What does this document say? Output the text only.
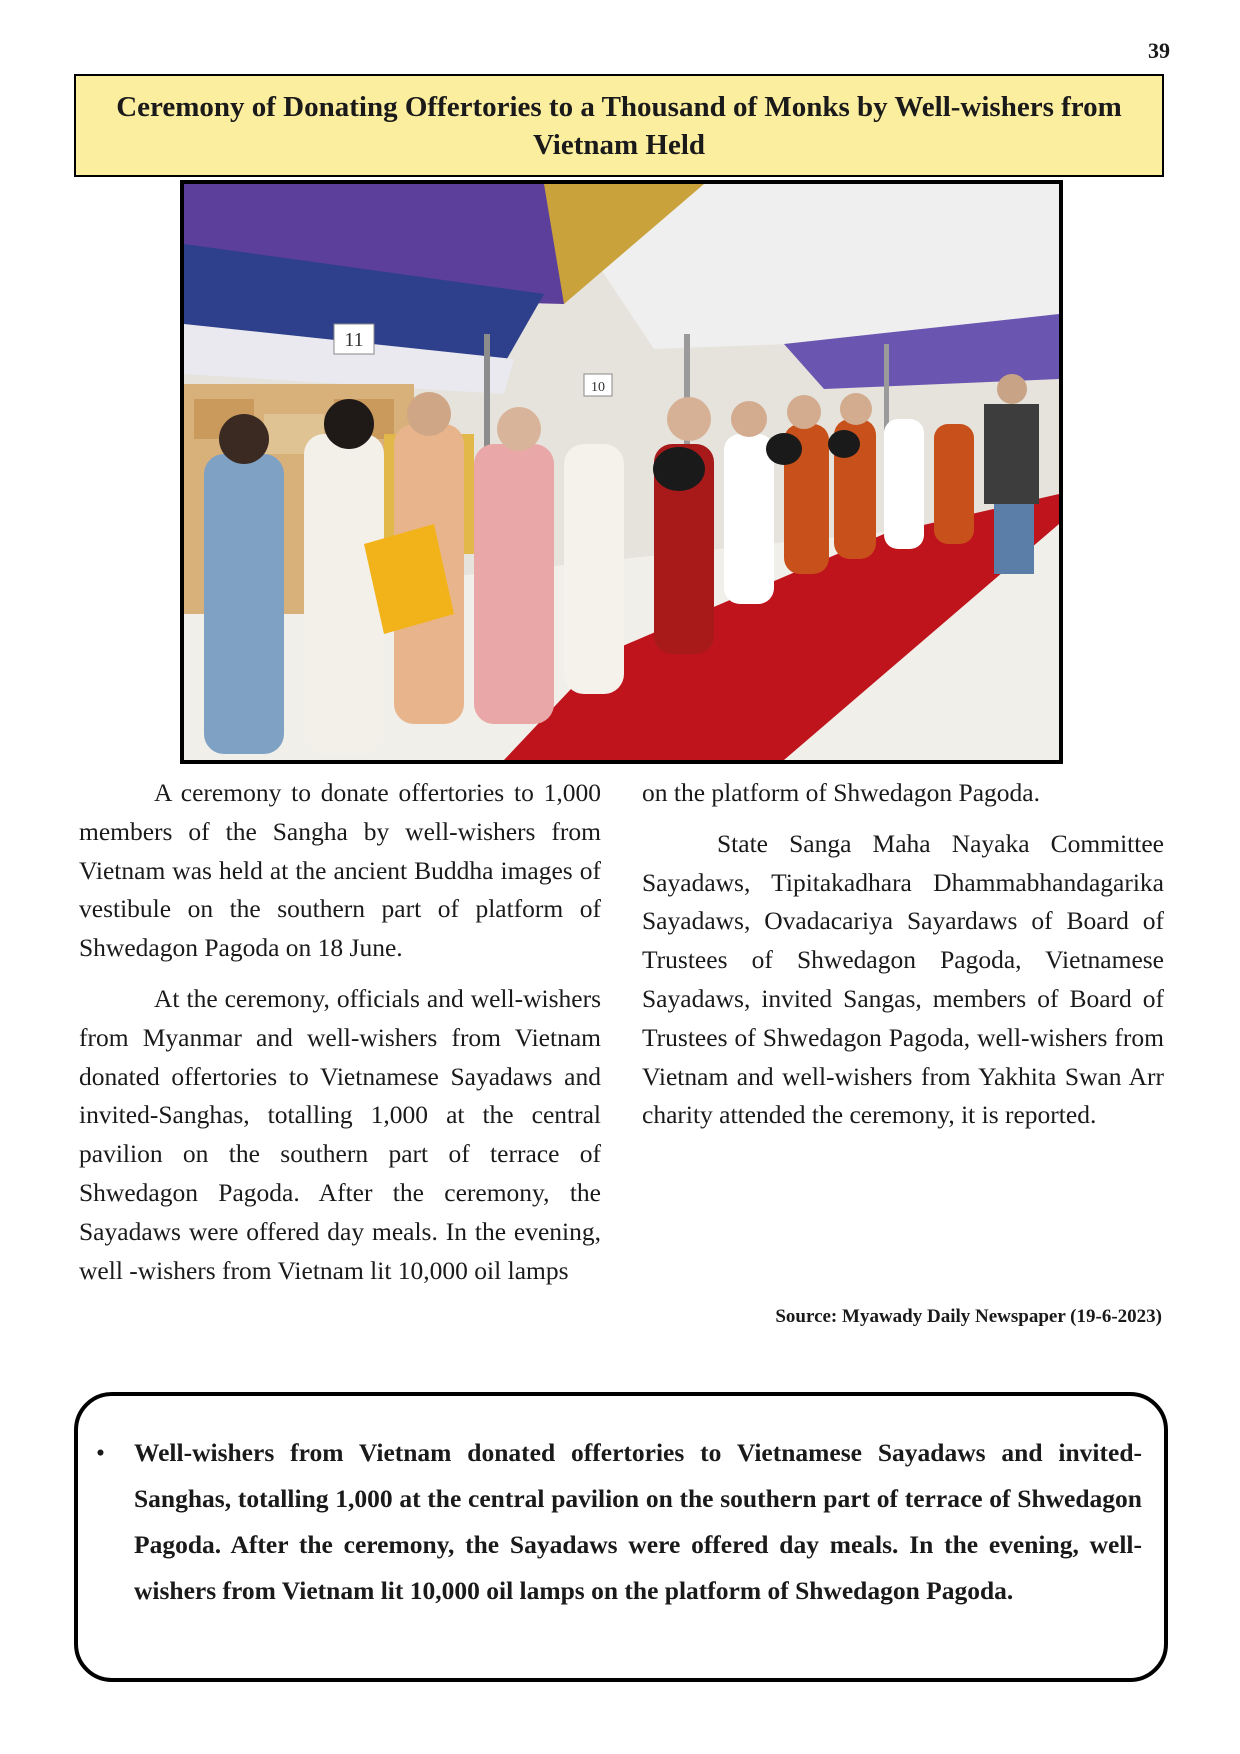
39
Ceremony of Donating Offertories to a Thousand of Monks by Well-wishers from Vietnam Held
11
10

A ceremony to donate offertories to 1,000 members of the Sangha by well-wishers from Vietnam was held at the ancient Buddha images of vestibule on the southern part of platform of Shwedagon Pagoda on 18 June.

At the ceremony, officials and well-wishers from Myanmar and well-wishers from Vietnam donated offertories to Vietnamese Sayadaws and invited-Sanghas, totalling 1,000 at the central pavilion on the southern part of terrace of Shwedagon Pagoda. After the ceremony, the Sayadaws were offered day meals. In the evening, well -wishers from Vietnam lit 10,000 oil lamps

on the platform of Shwedagon Pagoda.

State Sanga Maha Nayaka Committee Sayadaws, Tipitakadhara Dhammabhandagarika Sayadaws, Ovadacariya Sayardaws of Board of Trustees of Shwedagon Pagoda, Vietnamese Sayadaws, invited Sangas, members of Board of Trustees of Shwedagon Pagoda, well-wishers from Vietnam and well-wishers from Yakhita Swan Arr charity attended the ceremony, it is reported.

Source: Myawady Daily Newspaper (19-6-2023)
• Well-wishers from Vietnam donated offertories to Vietnamese Sayadaws and invited-Sanghas, totalling 1,000 at the central pavilion on the southern part of terrace of Shwedagon Pagoda. After the ceremony, the Sayadaws were offered day meals. In the evening, well-wishers from Vietnam lit 10,000 oil lamps on the platform of Shwedagon Pagoda.
